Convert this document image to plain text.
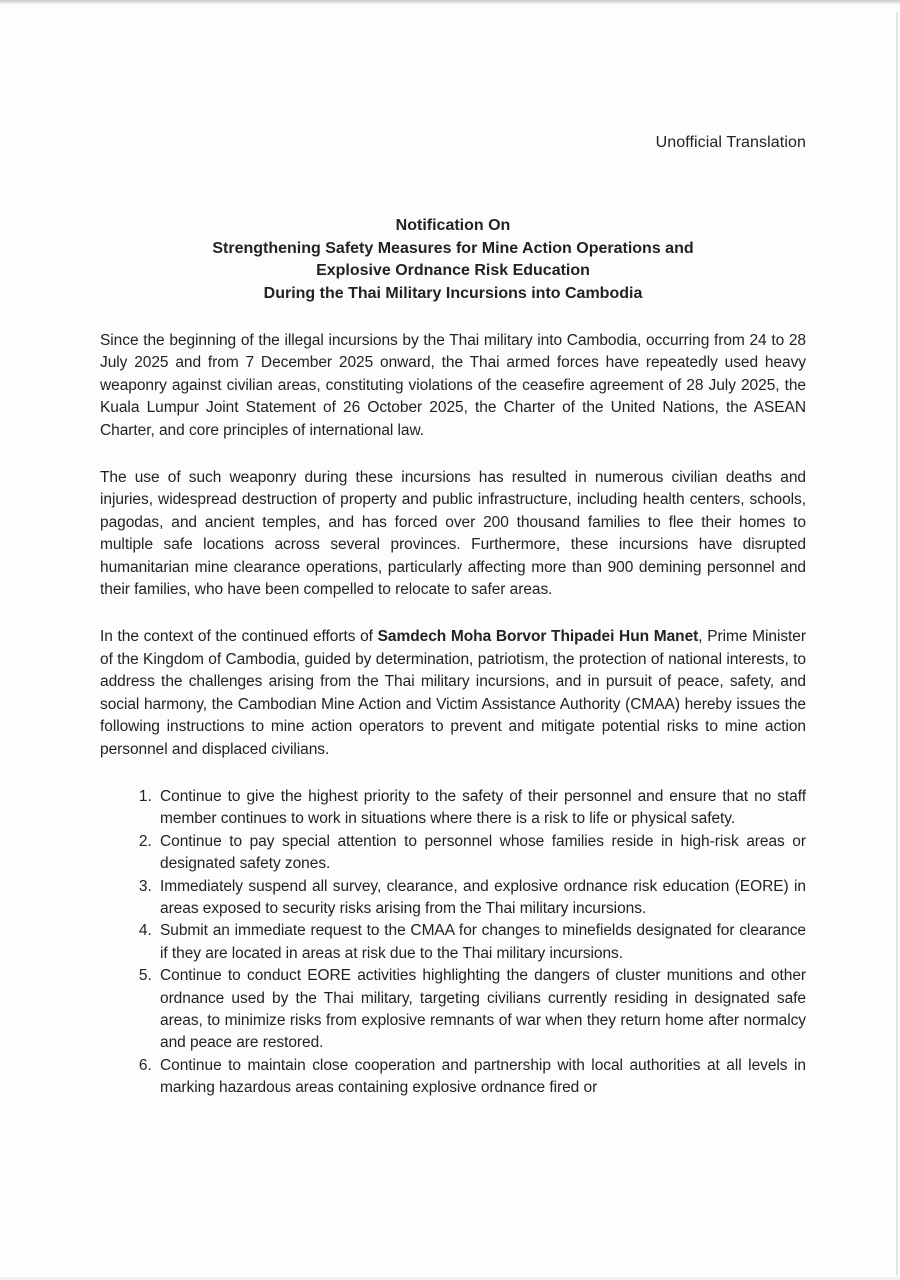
Unofficial Translation
Notification On
Strengthening Safety Measures for Mine Action Operations and
Explosive Ordnance Risk Education
During the Thai Military Incursions into Cambodia

Since the beginning of the illegal incursions by the Thai military into Cambodia, occurring from 24 to 28 July 2025 and from 7 December 2025 onward, the Thai armed forces have repeatedly used heavy weaponry against civilian areas, constituting violations of the ceasefire agreement of 28 July 2025, the Kuala Lumpur Joint Statement of 26 October 2025, the Charter of the United Nations, the ASEAN Charter, and core principles of international law.

The use of such weaponry during these incursions has resulted in numerous civilian deaths and injuries, widespread destruction of property and public infrastructure, including health centers, schools, pagodas, and ancient temples, and has forced over 200 thousand families to flee their homes to multiple safe locations across several provinces. Furthermore, these incursions have disrupted humanitarian mine clearance operations, particularly affecting more than 900 demining personnel and their families, who have been compelled to relocate to safer areas.

In the context of the continued efforts of Samdech Moha Borvor Thipadei Hun Manet, Prime Minister of the Kingdom of Cambodia, guided by determination, patriotism, the protection of national interests, to address the challenges arising from the Thai military incursions, and in pursuit of peace, safety, and social harmony, the Cambodian Mine Action and Victim Assistance Authority (CMAA) hereby issues the following instructions to mine action operators to prevent and mitigate potential risks to mine action personnel and displaced civilians.

1. Continue to give the highest priority to the safety of their personnel and ensure that no staff member continues to work in situations where there is a risk to life or physical safety.
2. Continue to pay special attention to personnel whose families reside in high-risk areas or designated safety zones.
3. Immediately suspend all survey, clearance, and explosive ordnance risk education (EORE) in areas exposed to security risks arising from the Thai military incursions.
4. Submit an immediate request to the CMAA for changes to minefields designated for clearance if they are located in areas at risk due to the Thai military incursions.
5. Continue to conduct EORE activities highlighting the dangers of cluster munitions and other ordnance used by the Thai military, targeting civilians currently residing in designated safe areas, to minimize risks from explosive remnants of war when they return home after normalcy and peace are restored.
6. Continue to maintain close cooperation and partnership with local authorities at all levels in marking hazardous areas containing explosive ordnance fired or
